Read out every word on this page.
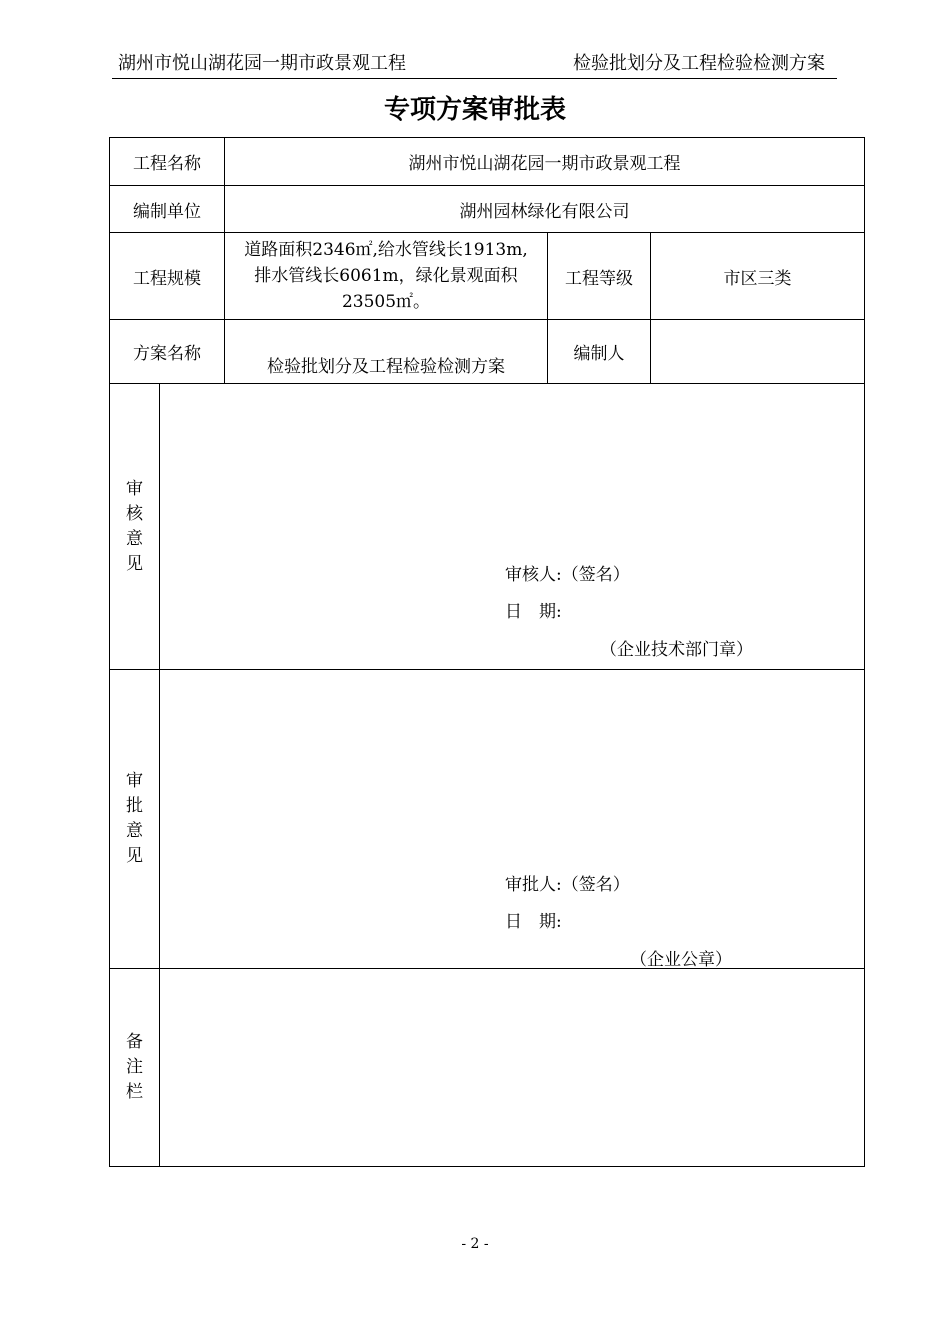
湖州市悦山湖花园一期市政景观工程	检验批划分及工程检验检测方案
专项方案审批表
工程名称		湖州市悦山湖花园一期市政景观工程		
编制单位		湖州园林绿化有限公司		
工程规模		道路面积2346㎡,给水管线长1913m,
排水管线长6061m，绿化景观面积
23505㎡。	工程等级	市区三类
方案名称		检验批划分及工程检验检测方案	编制人	
审核意见	审核人:（签名）
日　期:
（企业技术部门章）			

审批意见	审批人:（签名）
日　期:
（企业公章）			

备注栏				
- 2 -
